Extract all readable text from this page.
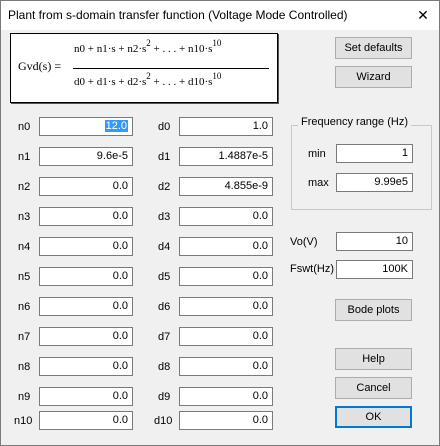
Plant from s-domain transfer function (Voltage Mode Controlled)	✕
Gvd(s) =
$n0 + n1\cdot s + n2\cdot s^2$ + . . . + $n10\cdot s^{10}$
$d0 + d1\cdot s + d2\cdot s^2$ + . . . + $d10\cdot s^{10}$
Set defaults
Wizard
n0	12.0
n1	9.6e-5
n2	0.0
n3	0.0
n4	0.0
n5	0.0
n6	0.0
n7	0.0
n8	0.0
n9	0.0
n10	0.0
d0	1.0
d1	1.4887e-5
d2	4.855e-9
d3	0.0
d4	0.0
d5	0.0
d6	0.0
d7	0.0
d8	0.0
d9	0.0
d10	0.0
Frequency range (Hz)
min	1
max	9.99e5
Vo(V)	10
Fswt(Hz)	100K
Bode plots
Help
Cancel
OK
